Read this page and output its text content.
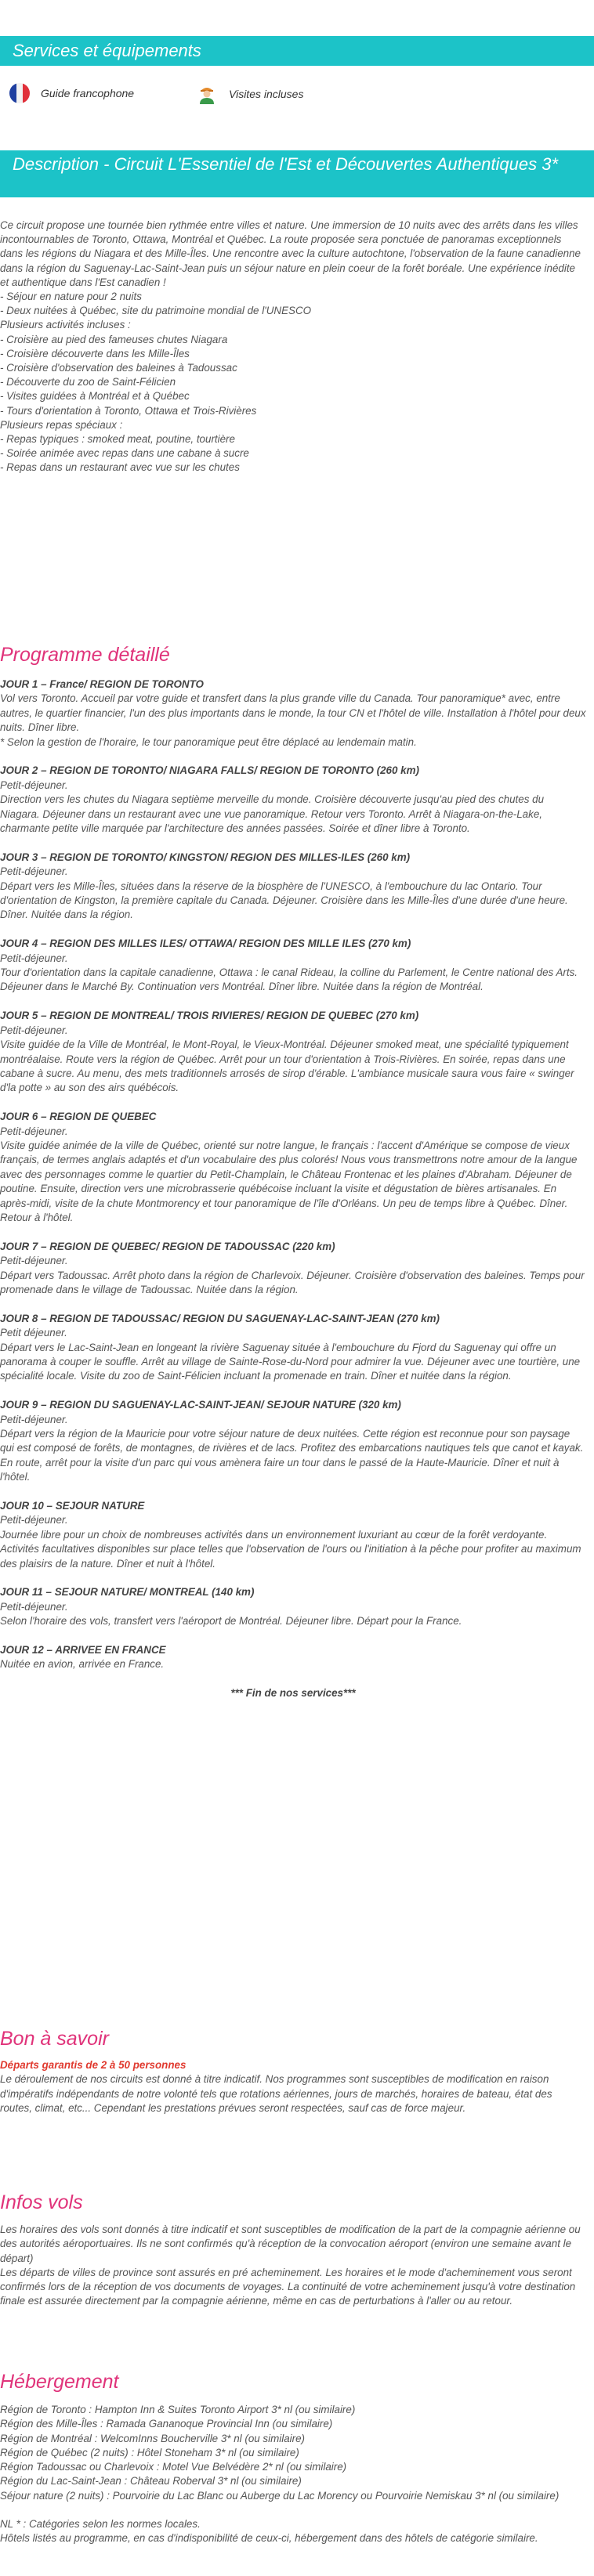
Services et équipements
Guide francophone	Visites incluses
Description - Circuit L'Essentiel de l'Est et Découvertes Authentiques 3*
Ce circuit propose une tournée bien rythmée entre villes et nature. Une immersion de 10 nuits avec des arrêts dans les villes incontournables de Toronto, Ottawa, Montréal et Québec. La route proposée sera ponctuée de panoramas exceptionnels dans les régions du Niagara et des Mille-Îles. Une rencontre avec la culture autochtone, l'observation de la faune canadienne dans la région du Saguenay-Lac-Saint-Jean puis un séjour nature en plein coeur de la forêt boréale. Une expérience inédite et authentique dans l'Est canadien !
- Séjour en nature pour 2 nuits
- Deux nuitées à Québec, site du patrimoine mondial de l'UNESCO
Plusieurs activités incluses :
- Croisière au pied des fameuses chutes Niagara
- Croisière découverte dans les Mille-Îles
- Croisière d'observation des baleines à Tadoussac
- Découverte du zoo de Saint-Félicien
- Visites guidées à Montréal et à Québec
- Tours d'orientation à Toronto, Ottawa et Trois-Rivières
Plusieurs repas spéciaux :
- Repas typiques : smoked meat, poutine, tourtière
- Soirée animée avec repas dans une cabane à sucre
- Repas dans un restaurant avec vue sur les chutes
Programme détaillé
JOUR 1 – France/ REGION DE TORONTO
Vol vers Toronto. Accueil par votre guide et transfert dans la plus grande ville du Canada. Tour panoramique* avec, entre autres, le quartier financier, l'un des plus importants dans le monde, la tour CN et l'hôtel de ville. Installation à l'hôtel pour deux nuits. Dîner libre.
* Selon la gestion de l'horaire, le tour panoramique peut être déplacé au lendemain matin.
JOUR 2 – REGION DE TORONTO/ NIAGARA FALLS/ REGION DE TORONTO (260 km)
Petit-déjeuner.
Direction vers les chutes du Niagara septième merveille du monde. Croisière découverte jusqu'au pied des chutes du Niagara. Déjeuner dans un restaurant avec une vue panoramique. Retour vers Toronto. Arrêt à Niagara-on-the-Lake, charmante petite ville marquée par l'architecture des années passées. Soirée et dîner libre à Toronto.
JOUR 3 – REGION DE TORONTO/ KINGSTON/ REGION DES MILLES-ILES (260 km)
Petit-déjeuner.
Départ vers les Mille-Îles, situées dans la réserve de la biosphère de l'UNESCO, à l'embouchure du lac Ontario. Tour d'orientation de Kingston, la première capitale du Canada. Déjeuner. Croisière dans les Mille-Îles d'une durée d'une heure. Dîner. Nuitée dans la région.
JOUR 4 – REGION DES MILLES ILES/ OTTAWA/ REGION DES MILLE ILES (270 km)
Petit-déjeuner.
Tour d'orientation dans la capitale canadienne, Ottawa : le canal Rideau, la colline du Parlement, le Centre national des Arts. Déjeuner dans le Marché By. Continuation vers Montréal. Dîner libre. Nuitée dans la région de Montréal.
JOUR 5 – REGION DE MONTREAL/ TROIS RIVIERES/ REGION DE QUEBEC (270 km)
Petit-déjeuner.
Visite guidée de la Ville de Montréal, le Mont-Royal, le Vieux-Montréal. Déjeuner smoked meat, une spécialité typiquement montréalaise. Route vers la région de Québec. Arrêt pour un tour d'orientation à Trois-Rivières. En soirée, repas dans une cabane à sucre. Au menu, des mets traditionnels arrosés de sirop d'érable. L'ambiance musicale saura vous faire « swinger d'la potte » au son des airs québécois.
JOUR 6 – REGION DE QUEBEC
Petit-déjeuner.
Visite guidée animée de la ville de Québec, orienté sur notre langue, le français : l'accent d'Amérique se compose de vieux français, de termes anglais adaptés et d'un vocabulaire des plus colorés! Nous vous transmettrons notre amour de la langue avec des personnages comme le quartier du Petit-Champlain, le Château Frontenac et les plaines d'Abraham. Déjeuner de poutine. Ensuite, direction vers une microbrasserie québécoise incluant la visite et dégustation de bières artisanales. En après-midi, visite de la chute Montmorency et tour panoramique de l'île d'Orléans. Un peu de temps libre à Québec. Dîner. Retour à l'hôtel.
JOUR 7 – REGION DE QUEBEC/ REGION DE TADOUSSAC (220 km)
Petit-déjeuner.
Départ vers Tadoussac. Arrêt photo dans la région de Charlevoix. Déjeuner. Croisière d'observation des baleines. Temps pour promenade dans le village de Tadoussac. Nuitée dans la région.
JOUR 8 – REGION DE TADOUSSAC/ REGION DU SAGUENAY-LAC-SAINT-JEAN (270 km)
Petit déjeuner.
Départ vers le Lac-Saint-Jean en longeant la rivière Saguenay située à l'embouchure du Fjord du Saguenay qui offre un panorama à couper le souffle. Arrêt au village de Sainte-Rose-du-Nord pour admirer la vue. Déjeuner avec une tourtière, une spécialité locale. Visite du zoo de Saint-Félicien incluant la promenade en train. Dîner et nuitée dans la région.
JOUR 9 – REGION DU SAGUENAY-LAC-SAINT-JEAN/ SEJOUR NATURE (320 km)
Petit-déjeuner.
Départ vers la région de la Mauricie pour votre séjour nature de deux nuitées. Cette région est reconnue pour son paysage qui est composé de forêts, de montagnes, de rivières et de lacs. Profitez des embarcations nautiques tels que canot et kayak. En route, arrêt pour la visite d'un parc qui vous amènera faire un tour dans le passé de la Haute-Mauricie. Dîner et nuit à l'hôtel.
JOUR 10 – SEJOUR NATURE
Petit-déjeuner.
Journée libre pour un choix de nombreuses activités dans un environnement luxuriant au cœur de la forêt verdoyante. Activités facultatives disponibles sur place telles que l'observation de l'ours ou l'initiation à la pêche pour profiter au maximum des plaisirs de la nature. Dîner et nuit à l'hôtel.
JOUR 11 – SEJOUR NATURE/ MONTREAL (140 km)
Petit-déjeuner.
Selon l'horaire des vols, transfert vers l'aéroport de Montréal. Déjeuner libre. Départ pour la France.
JOUR 12 – ARRIVEE EN FRANCE
Nuitée en avion, arrivée en France.
*** Fin de nos services***
Bon à savoir
Départs garantis de 2 à 50 personnes
Le déroulement de nos circuits est donné à titre indicatif. Nos programmes sont susceptibles de modification en raison d'impératifs indépendants de notre volonté tels que rotations aériennes, jours de marchés, horaires de bateau, état des routes, climat, etc... Cependant les prestations prévues seront respectées, sauf cas de force majeur.
Infos vols
Les horaires des vols sont donnés à titre indicatif et sont susceptibles de modification de la part de la compagnie aérienne ou des autorités aéroportuaires. Ils ne sont confirmés qu'à réception de la convocation aéroport (environ une semaine avant le départ)
Les départs de villes de province sont assurés en pré acheminement. Les horaires et le mode d'acheminement vous seront confirmés lors de la réception de vos documents de voyages. La continuité de votre acheminement jusqu'à votre destination finale est assurée directement par la compagnie aérienne, même en cas de perturbations à l'aller ou au retour.
Hébergement
Région de Toronto : Hampton Inn & Suites Toronto Airport 3* nl (ou similaire)
Région des Mille-Îles : Ramada Gananoque Provincial Inn (ou similaire)
Région de Montréal : WelcomInns Boucherville 3* nl (ou similaire)
Région de Québec (2 nuits) : Hôtel Stoneham 3* nl (ou similaire)
Région Tadoussac ou Charlevoix : Motel Vue Belvédère 2* nl (ou similaire)
Région du Lac-Saint-Jean : Château Roberval 3* nl (ou similaire)
Séjour nature (2 nuits) : Pourvoirie du Lac Blanc ou Auberge du Lac Morency ou Pourvoirie Nemiskau 3* nl (ou similaire)
NL * : Catégories selon les normes locales.
Hôtels listés au programme, en cas d'indisponibilité de ceux-ci, hébergement dans des hôtels de catégorie similaire.
